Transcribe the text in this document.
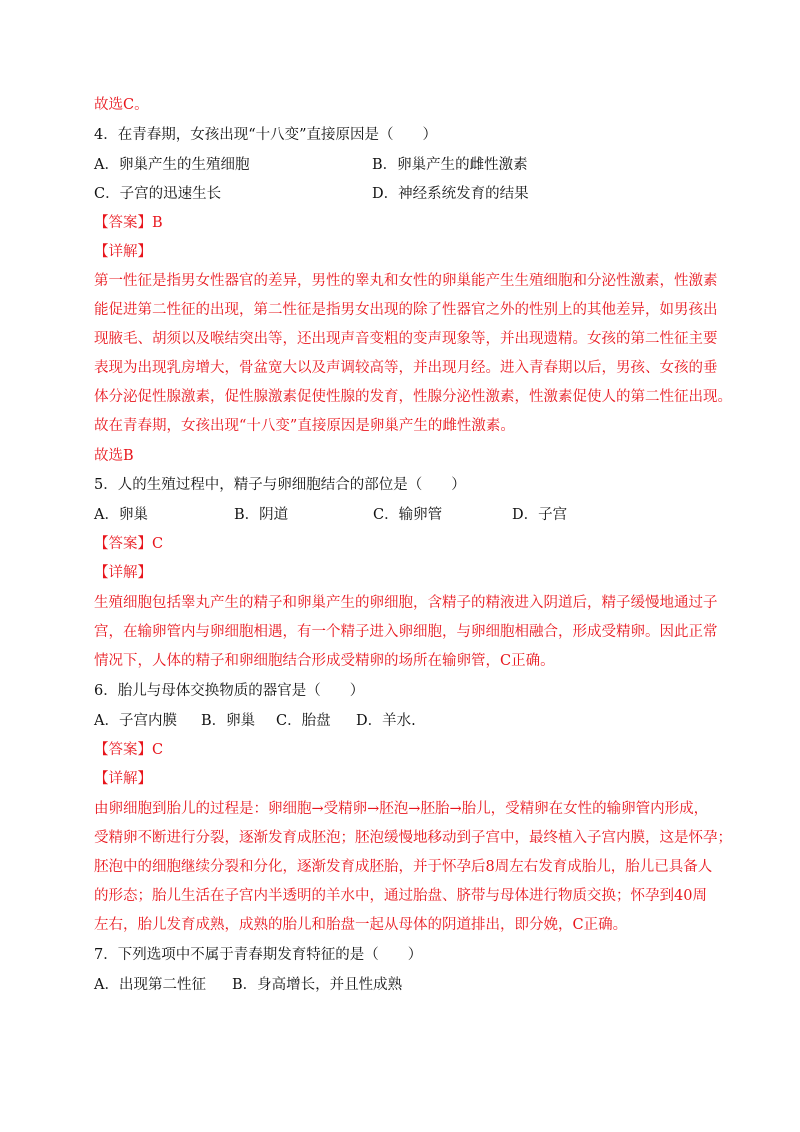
故选C。
4．在青春期，女孩出现“十八变”直接原因是（　　）
A．卵巢产生的生殖细胞	B．卵巢产生的雌性激素
C．子宫的迅速生长	D．神经系统发育的结果
【答案】B
【详解】
第一性征是指男女性器官的差异，男性的睾丸和女性的卵巢能产生生殖细胞和分泌性激素，性激素
能促进第二性征的出现，第二性征是指男女出现的除了性器官之外的性别上的其他差异，如男孩出
现腋毛、胡须以及喉结突出等，还出现声音变粗的变声现象等，并出现遗精。女孩的第二性征主要
表现为出现乳房增大，骨盆宽大以及声调较高等，并出现月经。进入青春期以后，男孩、女孩的垂
体分泌促性腺激素，促性腺激素促使性腺的发育，性腺分泌性激素，性激素促使人的第二性征出现。
故在青春期，女孩出现“十八变”直接原因是卵巢产生的雌性激素。
故选B
5．人的生殖过程中，精子与卵细胞结合的部位是（　　）
A．卵巢	B．阴道	C．输卵管	D．子宫
【答案】C
【详解】
生殖细胞包括睾丸产生的精子和卵巢产生的卵细胞，含精子的精液进入阴道后，精子缓慢地通过子
宫，在输卵管内与卵细胞相遇，有一个精子进入卵细胞，与卵细胞相融合，形成受精卵。因此正常
情况下，人体的精子和卵细胞结合形成受精卵的场所在输卵管，C正确。
6．胎儿与母体交换物质的器官是（　　）
A．子宫内膜 B．卵巢 C．胎盘 D．羊水.
【答案】C
【详解】
由卵细胞到胎儿的过程是：卵细胞→受精卵→胚泡→胚胎→胎儿，受精卵在女性的输卵管内形成，
受精卵不断进行分裂，逐渐发育成胚泡；胚泡缓慢地移动到子宫中，最终植入子宫内膜，这是怀孕；
胚泡中的细胞继续分裂和分化，逐渐发育成胚胎，并于怀孕后8周左右发育成胎儿，胎儿已具备人
的形态；胎儿生活在子宫内半透明的羊水中，通过胎盘、脐带与母体进行物质交换；怀孕到40周
左右，胎儿发育成熟，成熟的胎儿和胎盘一起从母体的阴道排出，即分娩，C正确。
7．下列选项中不属于青春期发育特征的是（　　）
A．出现第二性征 B．身高增长，并且性成熟
